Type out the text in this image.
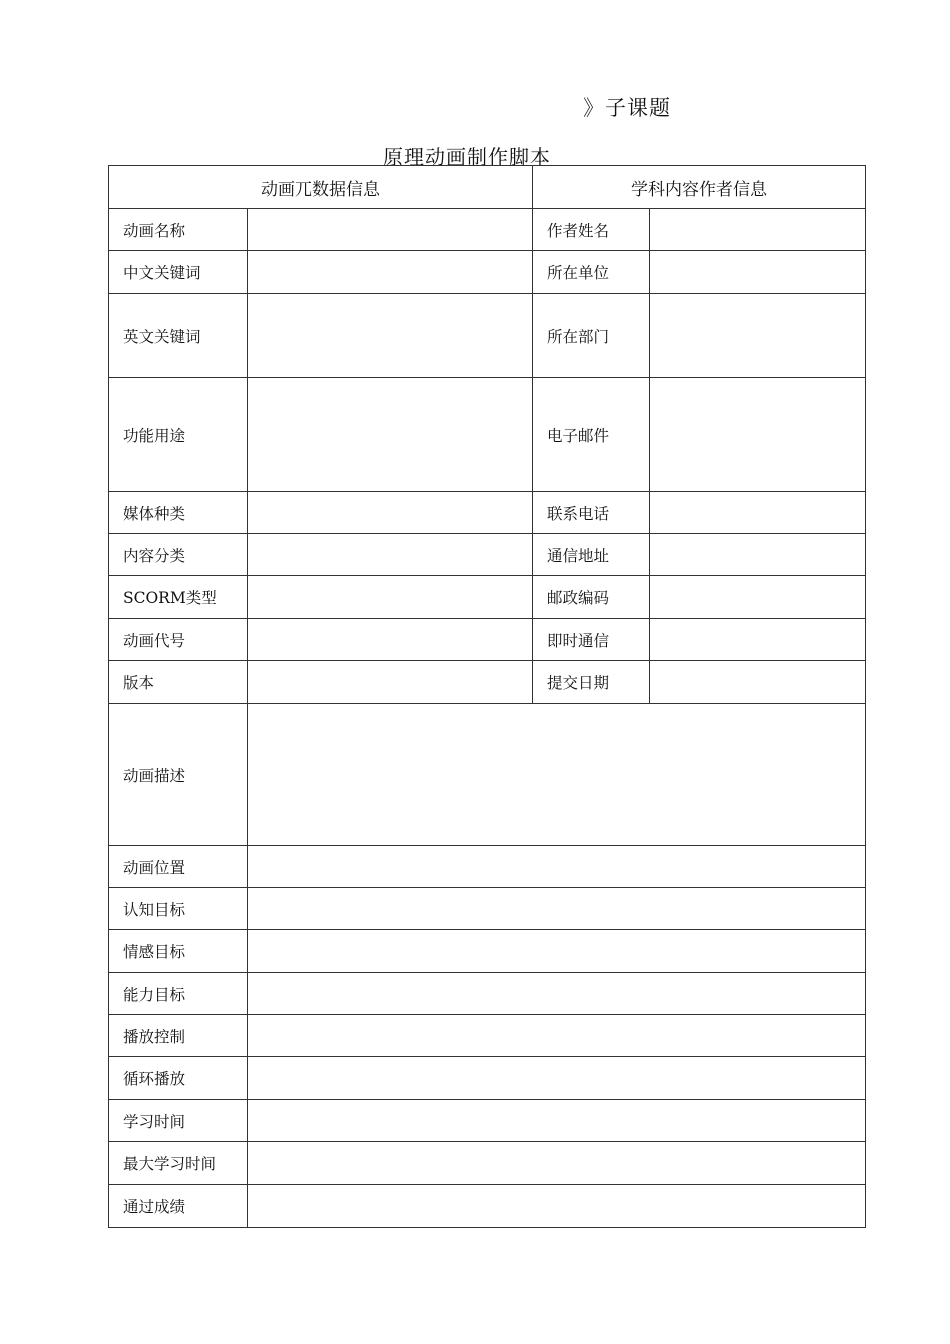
》子课题
原理动画制作脚本
动画兀数据信息		学科内容作者信息	
动画名称		作者姓名	
中文关键词		所在单位	
英文关键词		所在部门	
功能用途		电子邮件	
媒体种类		联系电话	
内容分类		通信地址	
SCORM类型		邮政编码	
动画代号		即时通信	
版本		提交日期	
动画描述			
动画位置			
认知目标			
情感目标			
能力目标			
播放控制			
循环播放			
学习时间			
最大学习时间			
通过成绩			
